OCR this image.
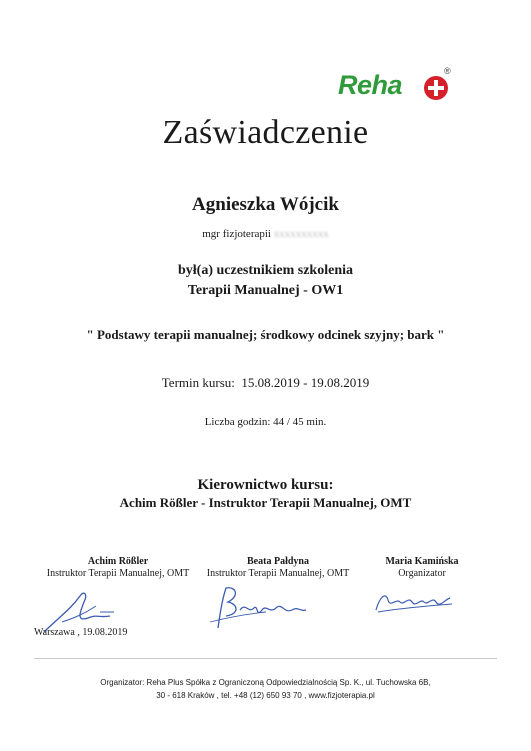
Reha	®
Zaświadczenie
Agnieszka Wójcik
mgr fizjoterapii xxxxxxxxxx
był(a) uczestnikiem szkolenia
Terapii Manualnej - OW1
" Podstawy terapii manualnej; środkowy odcinek szyjny; bark "
Termin kursu: 15.08.2019 - 19.08.2019
Liczba godzin: 44 / 45 min.
Kierownictwo kursu:
Achim Rößler - Instruktor Terapii Manualnej, OMT
Achim Rößler
Instruktor Terapii Manualnej, OMT
Beata Pałdyna
Instruktor Terapii Manualnej, OMT
Maria Kamińska
Organizator
Warszawa , 19.08.2019
Organizator: Reha Plus Spółka z Ograniczoną Odpowiedzialnością Sp. K., ul. Tuchowska 6B,
30 - 618 Kraków , tel. +48 (12) 650 93 70 , www.fizjoterapia.pl
